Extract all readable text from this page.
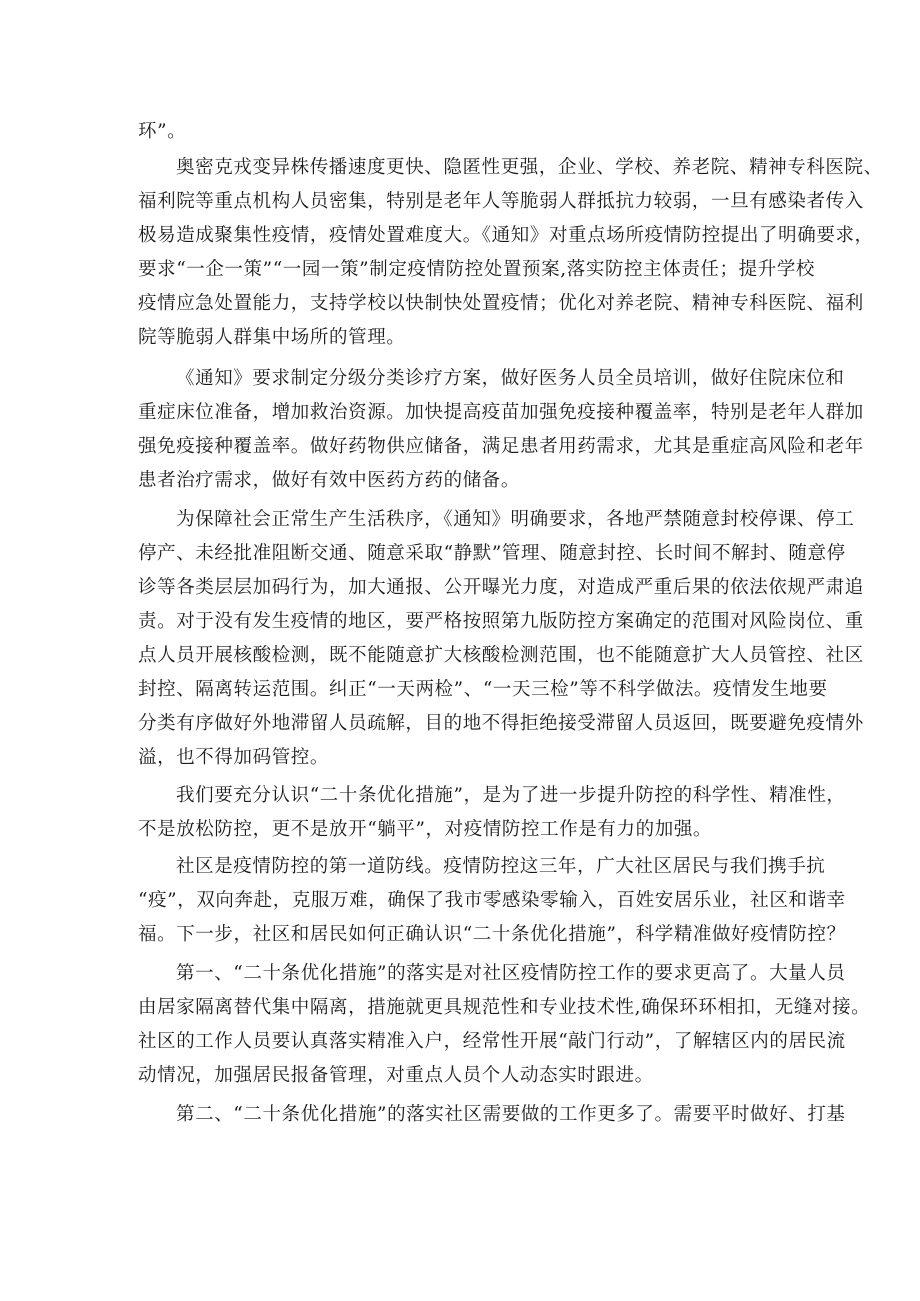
环”。

奥密克戎变异株传播速度更快、隐匿性更强，企业、学校、养老院、精神专科医院、

福利院等重点机构人员密集，特别是老年人等脆弱人群抵抗力较弱，一旦有感染者传入

极易造成聚集性疫情，疫情处置难度大。《通知》对重点场所疫情防控提出了明确要求，

要求“一企一策”“一园一策”制定疫情防控处置预案,落实防控主体责任；提升学校

疫情应急处置能力，支持学校以快制快处置疫情；优化对养老院、精神专科医院、福利

院等脆弱人群集中场所的管理。

《通知》要求制定分级分类诊疗方案，做好医务人员全员培训，做好住院床位和

重症床位准备，增加救治资源。加快提高疫苗加强免疫接种覆盖率，特别是老年人群加

强免疫接种覆盖率。做好药物供应储备，满足患者用药需求，尤其是重症高风险和老年

患者治疗需求，做好有效中医药方药的储备。

为保障社会正常生产生活秩序，《通知》明确要求，各地严禁随意封校停课、停工

停产、未经批准阻断交通、随意采取“静默”管理、随意封控、长时间不解封、随意停

诊等各类层层加码行为，加大通报、公开曝光力度，对造成严重后果的依法依规严肃追

责。对于没有发生疫情的地区，要严格按照第九版防控方案确定的范围对风险岗位、重

点人员开展核酸检测，既不能随意扩大核酸检测范围，也不能随意扩大人员管控、社区

封控、隔离转运范围。纠正“一天两检”、“一天三检”等不科学做法。疫情发生地要

分类有序做好外地滞留人员疏解，目的地不得拒绝接受滞留人员返回，既要避免疫情外

溢，也不得加码管控。

我们要充分认识“二十条优化措施”，是为了进一步提升防控的科学性、精准性，

不是放松防控，更不是放开“躺平”，对疫情防控工作是有力的加强。

社区是疫情防控的第一道防线。疫情防控这三年，广大社区居民与我们携手抗

“疫”，双向奔赴，克服万难，确保了我市零感染零输入，百姓安居乐业，社区和谐幸

福。下一步，社区和居民如何正确认识“二十条优化措施”，科学精准做好疫情防控？

第一、“二十条优化措施”的落实是对社区疫情防控工作的要求更高了。大量人员

由居家隔离替代集中隔离，措施就更具规范性和专业技术性,确保环环相扣，无缝对接。

社区的工作人员要认真落实精准入户，经常性开展“敲门行动”，了解辖区内的居民流

动情况，加强居民报备管理，对重点人员个人动态实时跟进。

第二、“二十条优化措施”的落实社区需要做的工作更多了。需要平时做好、打基
